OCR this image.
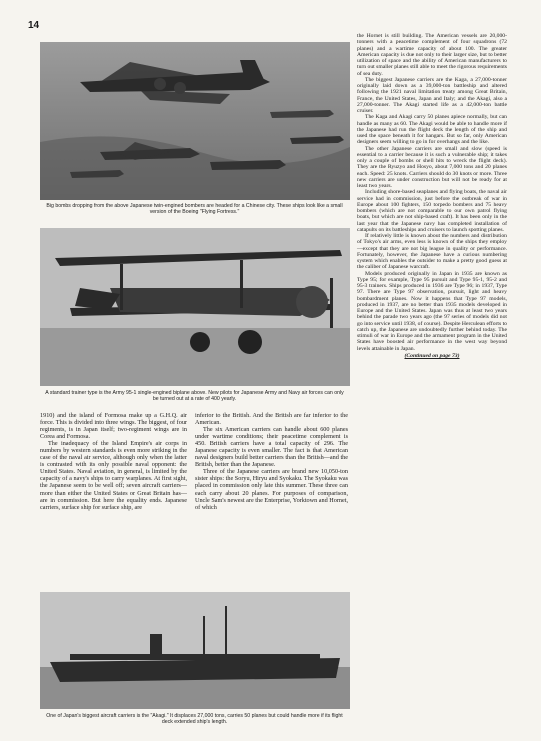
14

Big bombs dropping from the above Japanese twin-engined bombers are headed for a Chinese city. These ships look like a small version of the Boeing "Flying Fortress."

A standard trainer type is the Army 95-1 single-engined biplane above. New pilots for Japanese Army and Navy air forces can only be turned out at a rate of 400 yearly.

1910) and the island of Formosa make up a G.H.Q. air force. This is divided into three wings. The biggest, of four regiments, is in Japan itself; two-regiment wings are in Corea and Formosa.

The inadequacy of the Island Empire's air corps in numbers by western standards is even more striking in the case of the naval air service, although only when the latter is contrasted with its only possible naval opponent: the United States. Naval aviation, in general, is limited by the capacity of a navy's ships to carry warplanes. At first sight, the Japanese seem to be well off; seven aircraft carriers—more than either the United States or Great Britain has—are in commission. But here the equality ends. Japanese carriers, surface ship for surface ship, are

inferior to the British. And the British are far inferior to the American.

The six American carriers can handle about 600 planes under wartime conditions; their peacetime complement is 450. British carriers have a total capacity of 296. The Japanese capacity is even smaller. The fact is that American naval designers build better carriers than the British—and the British, better than the Japanese.

Three of the Japanese carriers are brand new 10,050-ton sister ships: the Soryu, Hiryu and Syokaku. The Syokaku was placed in commission only late this summer. These three can each carry about 20 planes. For purposes of comparison, Uncle Sam's newest are the Enterprise, Yorktown and Hornet, of which

One of Japan's biggest aircraft carriers is the "Akagi." It displaces 27,000 tons, carries 50 planes but could handle more if its flight deck extended ship's length.

the Hornet is still building. The American vessels are 20,000-tonners with a peacetime complement of four squadrons (72 planes) and a wartime capacity of about 100. The greater American capacity is due not only to their larger size, but to better utilization of space and the ability of American manufacturers to turn out smaller planes still able to meet the rigorous requirements of sea duty.

The biggest Japanese carriers are the Kaga, a 27,000-tonner originally laid down as a 39,000-ton battleship and altered following the 1921 naval limitation treaty among Great Britain, France, the United States, Japan and Italy; and the Akagi, also a 27,000-tonner. The Akagi started life as a 42,000-ton battle cruiser.

The Kaga and Akagi carry 50 planes apiece normally, but can handle as many as 60. The Akagi would be able to handle more if the Japanese had run the flight deck the length of the ship and used the space beneath it for hangars. But so far, only American designers seem willing to go in for overhangs and the like.

The other Japanese carriers are small and slow (speed is essential to a carrier because it is such a vulnerable ship; it takes only a couple of bombs or shell hits to wreck the flight deck). They are the Ryuzyo and Hosyo, about 7,000 tons and 20 planes each. Speed: 25 knots. Carriers should do 30 knots or more. Three new carriers are under construction but will not be ready for at least two years.

Including shore-based seaplanes and flying boats, the naval air service had in commission, just before the outbreak of war in Europe about 100 fighters, 150 torpedo bombers and 75 heavy bombers (which are not comparable to our own patrol flying boats, but which are not ship-based craft). It has been only in the last year that the Japanese navy has completed installation of catapults on its battleships and cruisers to launch spotting planes.

If relatively little is known about the numbers and distribution of Tokyo's air arms, even less is known of the ships they employ—except that they are not big league in quality or performance. Fortunately, however, the Japanese have a curious numbering system which enables the outsider to make a pretty good guess at the caliber of Japanese warcraft.

Models produced originally in Japan in 1935 are known as Type 95; for example, Type 95 pursuit and Type 95-1, 95-2 and 95-3 trainers. Ships produced in 1936 are Type 96; in 1937, Type 97. There are Type 97 observation, pursuit, light and heavy bombardment planes. Now it happens that Type 97 models, produced in 1937, are no better than 1935 models developed in Europe and the United States. Japan was thus at least two years behind the parade two years ago (the 97 series of models did not go into service until 1938, of course). Despite Herculean efforts to catch up, the Japanese are undoubtedly further behind today. The stimuli of war in Europe and the armament program in the United States have boosted air performance in the west way beyond levels attainable in Japan.

(Continued on page 73)
